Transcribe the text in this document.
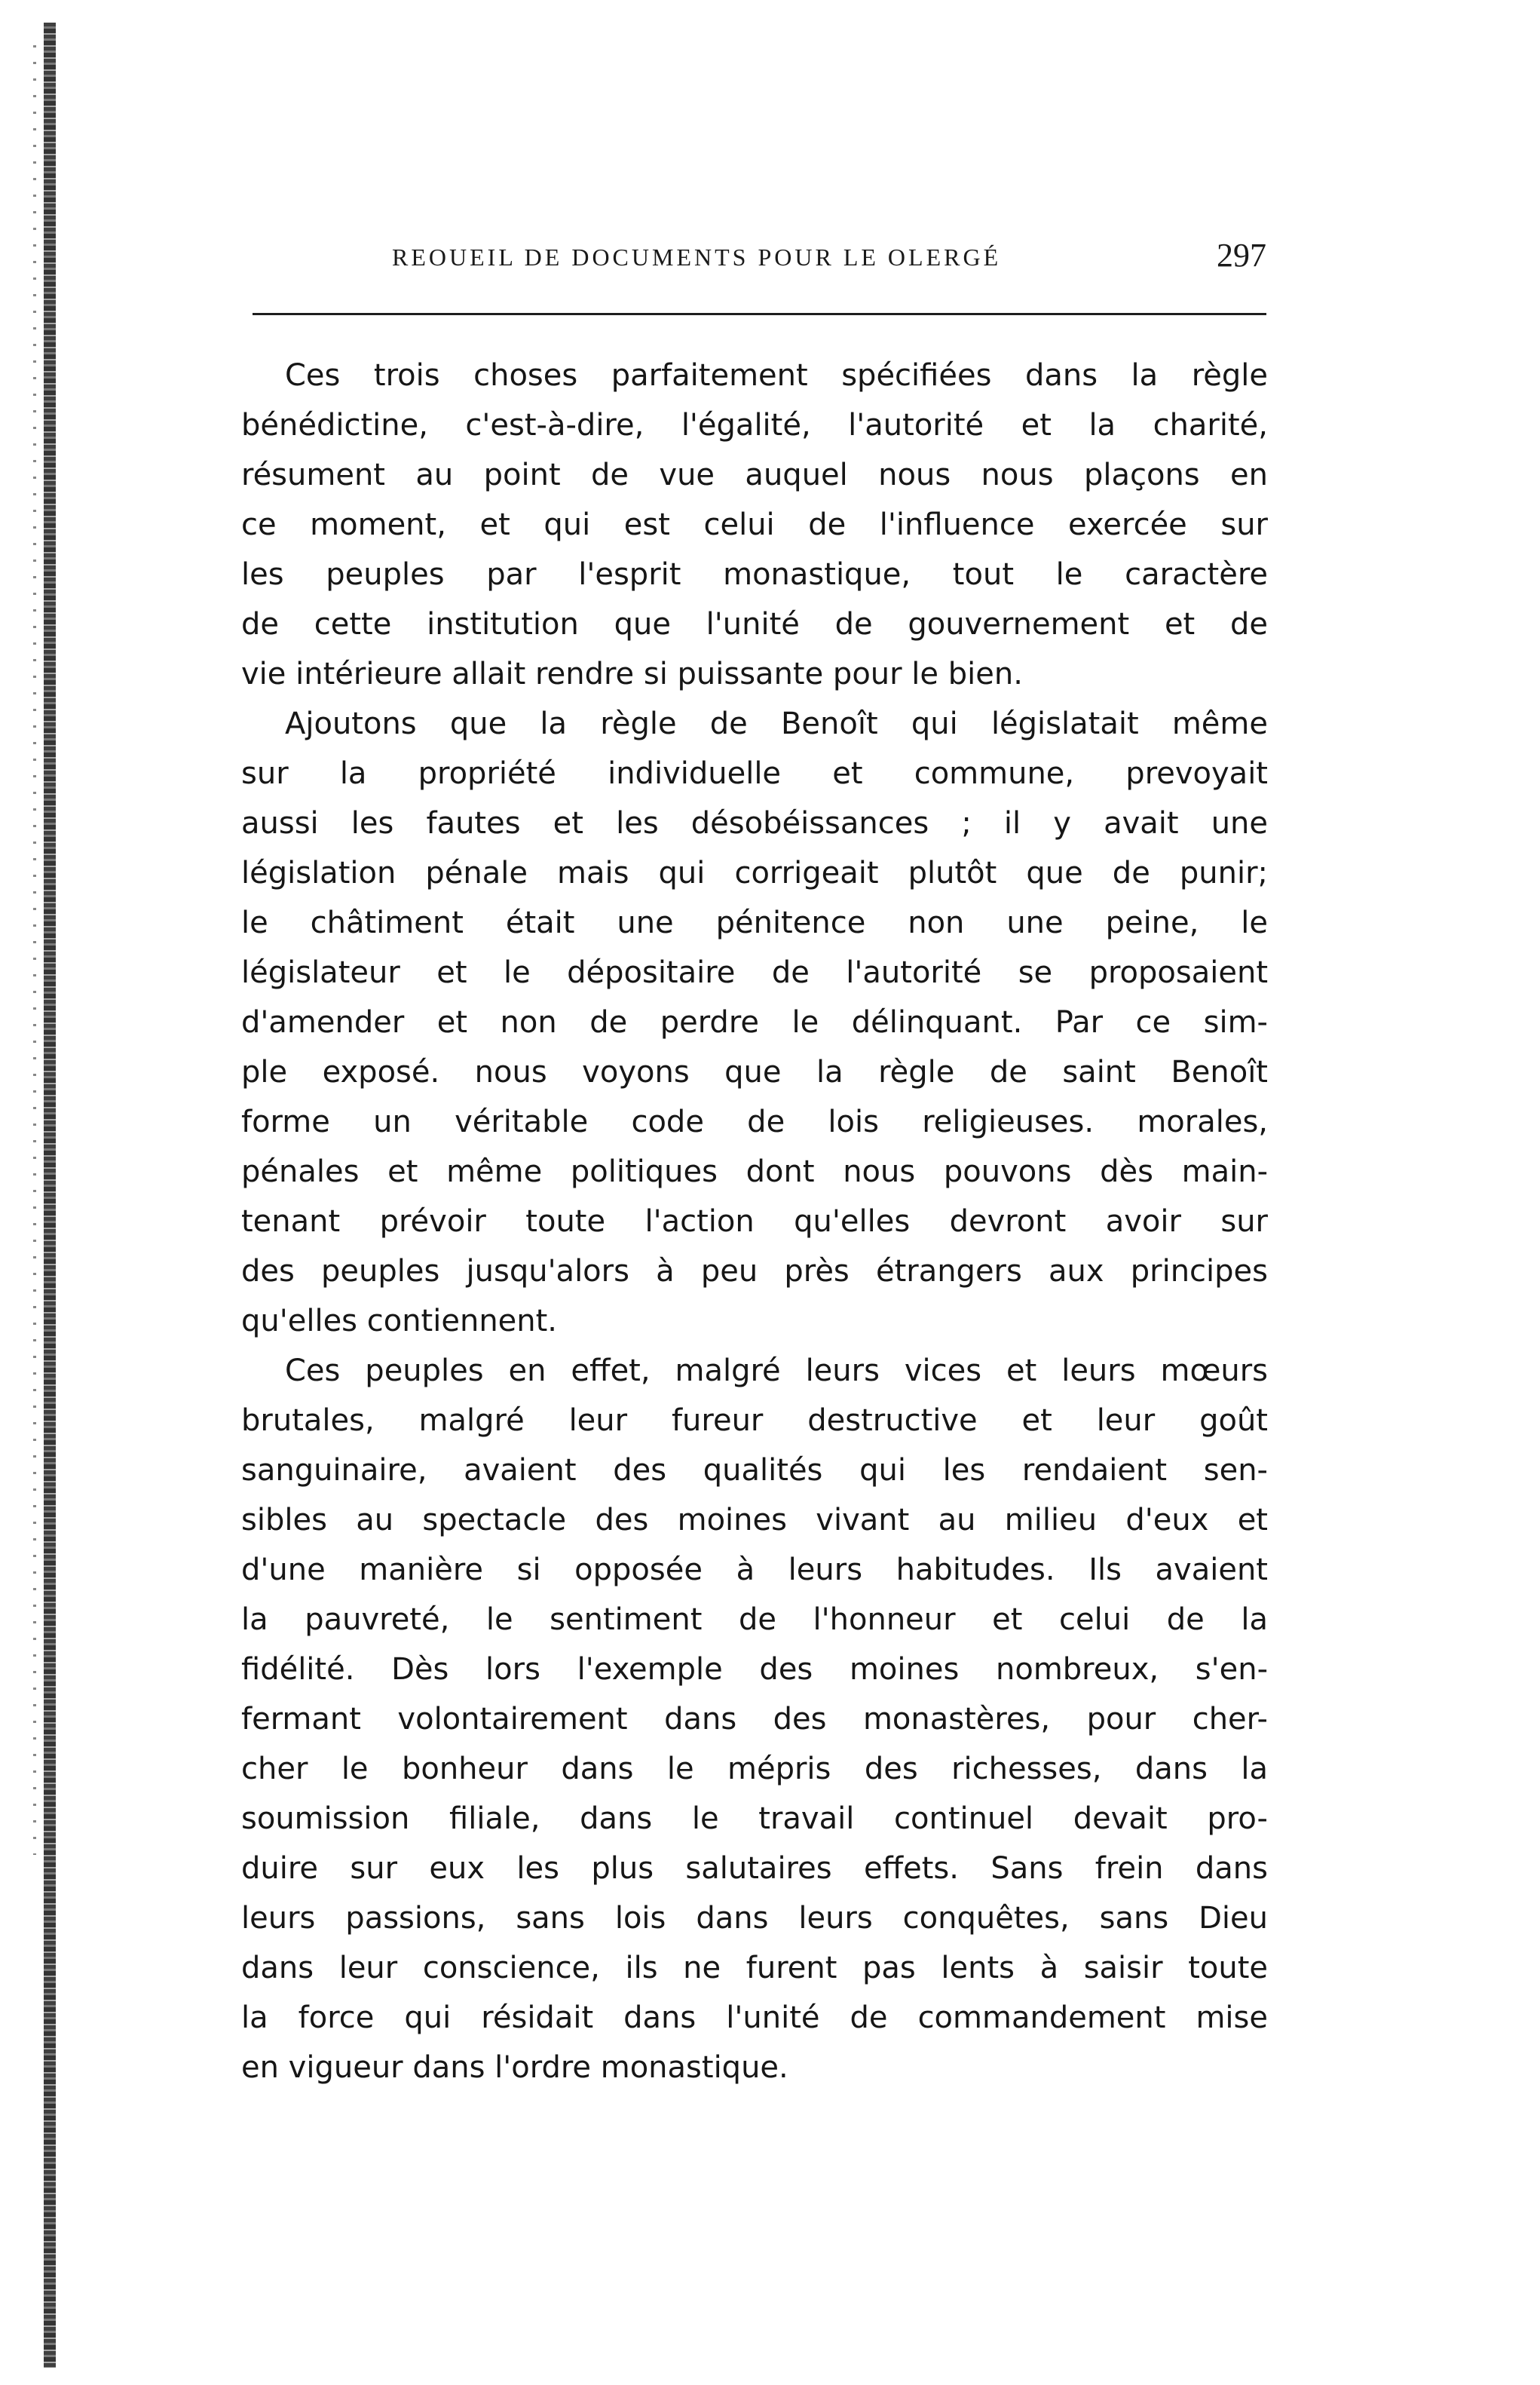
REOUEIL DE DOCUMENTS POUR LE OLERGÉ	297
Ces trois choses parfaitement spécifiées dans la règle
bénédictine, c'est-à-dire, l'égalité, l'autorité et la charité,
résument au point de vue auquel nous nous plaçons en
ce moment, et qui est celui de l'influence exercée sur
les peuples par l'esprit monastique, tout le caractère
de cette institution que l'unité de gouvernement et de
vie intérieure allait rendre si puissante pour le bien.
Ajoutons que la règle de Benoît qui législatait même
sur la propriété individuelle et commune, prevoyait
aussi les fautes et les désobéissances ; il y avait une
législation pénale mais qui corrigeait plutôt que de punir;
le châtiment était une pénitence non une peine, le
législateur et le dépositaire de l'autorité se proposaient
d'amender et non de perdre le délinquant. Par ce sim-
ple exposé. nous voyons que la règle de saint Benoît
forme un véritable code de lois religieuses. morales,
pénales et même politiques dont nous pouvons dès main-
tenant prévoir toute l'action qu'elles devront avoir sur
des peuples jusqu'alors à peu près étrangers aux principes
qu'elles contiennent.
Ces peuples en effet, malgré leurs vices et leurs mœurs
brutales, malgré leur fureur destructive et leur goût
sanguinaire, avaient des qualités qui les rendaient sen-
sibles au spectacle des moines vivant au milieu d'eux et
d'une manière si opposée à leurs habitudes. Ils avaient
la pauvreté, le sentiment de l'honneur et celui de la
fidélité. Dès lors l'exemple des moines nombreux, s'en-
fermant volontairement dans des monastères, pour cher-
cher le bonheur dans le mépris des richesses, dans la
soumission filiale, dans le travail continuel devait pro-
duire sur eux les plus salutaires effets. Sans frein dans
leurs passions, sans lois dans leurs conquêtes, sans Dieu
dans leur conscience, ils ne furent pas lents à saisir toute
la force qui résidait dans l'unité de commandement mise
en vigueur dans l'ordre monastique.
